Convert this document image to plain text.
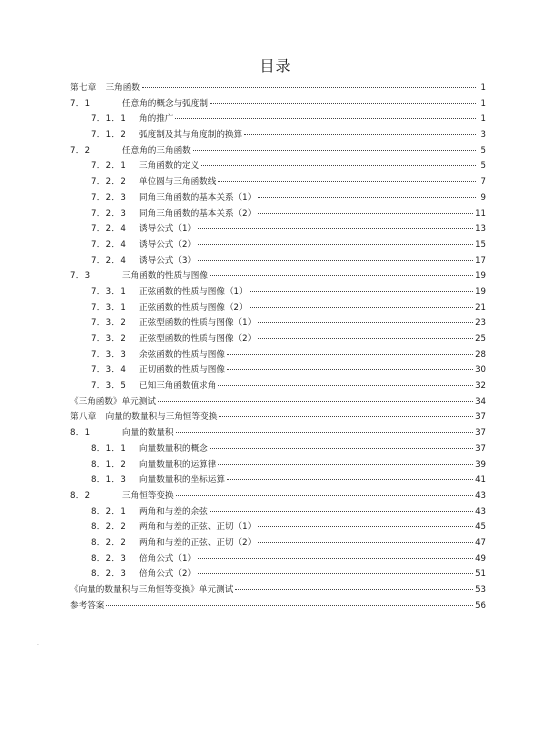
目录
第七章　 三角函数	1
7．1	任意角的概念与弧度制	1
7．1．1	角的推广	1
7．1．2	弧度制及其与角度制的换算	3
7．2	任意角的三角函数	5
7．2．1	三角函数的定义	5
7．2．2	单位圆与三角函数线	7
7．2．3	同角三角函数的基本关系（1）	9
7．2．3	同角三角函数的基本关系（2）	11
7．2．4	诱导公式（1）	13
7．2．4	诱导公式（2）	15
7．2．4	诱导公式（3）	17
7．3	三角函数的性质与图像	19
7．3．1	正弦函数的性质与图像（1）	19
7．3．1	正弦函数的性质与图像（2）	21
7．3．2	正弦型函数的性质与图像（1）	23
7．3．2	正弦型函数的性质与图像（2）	25
7．3．3	余弦函数的性质与图像	28
7．3．4	正切函数的性质与图像	30
7．3．5	已知三角函数值求角	32
《三角函数》单元测试	34
第八章　 向量的数量积与三角恒等变换	37
8．1	向量的数量积	37
8．1．1	向量数量积的概念	37
8．1．2	向量数量积的运算律	39
8．1．3	向量数量积的坐标运算	41
8．2	三角恒等变换	43
8．2．1	两角和与差的余弦	43
8．2．2	两角和与差的正弦、正切（1）	45
8．2．2	两角和与差的正弦、正切（2）	47
8．2．3	倍角公式（1）	49
8．2．3	倍角公式（2）	51
《向量的数量积与三角恒等变换》单元测试	53
参考答案	56
.
